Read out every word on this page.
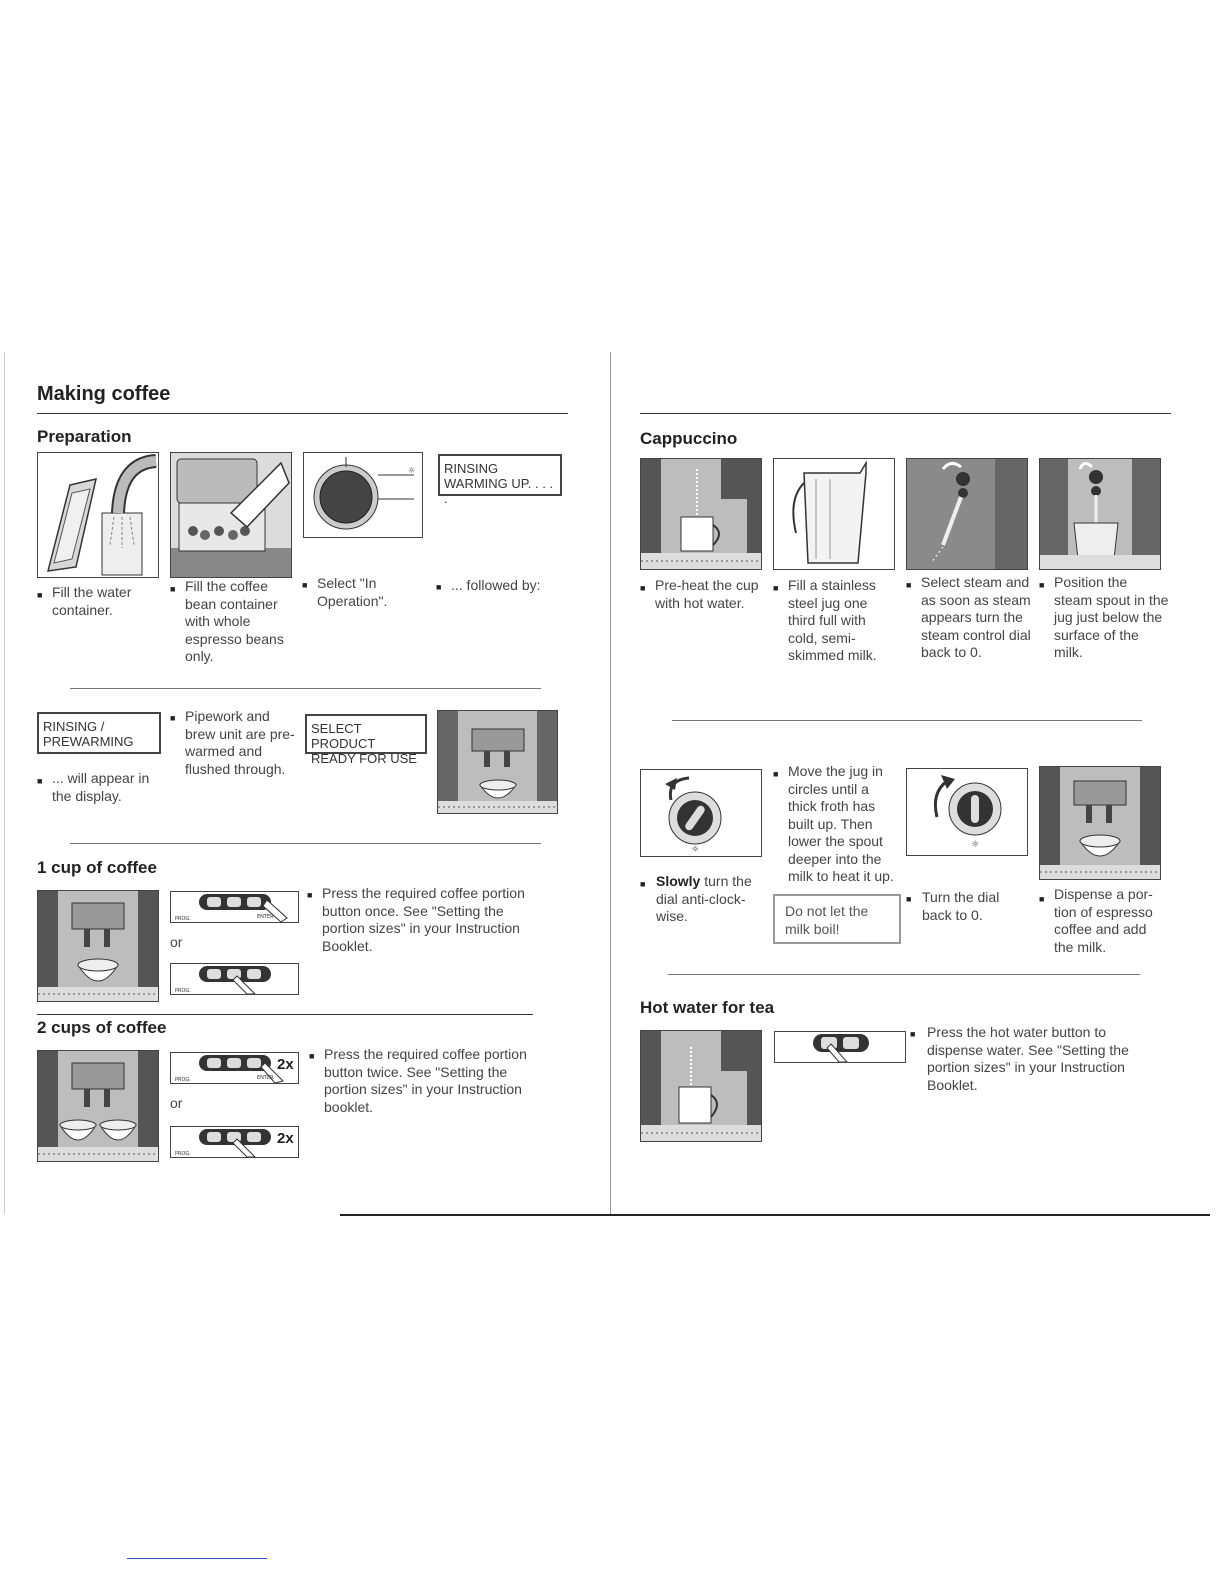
Making coffee
Preparation
☼ RINSING
WARMING UP. . . . .
■ Fill the water container.
■ Fill the coffee bean container with whole espresso beans only.
■ Select "In Operation".
■ ... followed by:
RINSING /
PREWARMING
■ ... will appear in the display.
■ Pipework and brew unit are pre-warmed and flushed through.
SELECT PRODUCT
READY FOR USE
1 cup of coffee
PROG.	ENTER
or
PROG.
■ Press the required coffee portion button once. See "Setting the portion sizes" in your Instruction Booklet.
2 cups of coffee
PROG.	ENTER
2x
or
PROG.
2x
■ Press the required coffee portion button twice. See "Setting the portion sizes" in your Instruction booklet.
Cappuccino
■ Pre-heat the cup with hot water.
■ Fill a stainless steel jug one third full with cold, semi-skimmed milk.
■ Select steam and as soon as steam appears turn the steam control dial back to 0.
■ Position the steam spout in the jug just below the surface of the milk.
☼
■ Slowly turn the dial anti-clock-wise.
■ Move the jug in circles until a thick froth has built up. Then lower the spout deeper into the milk to heat it up.
Do not let the milk boil!
☼
■ Turn the dial back to 0.
■ Dispense a por-tion of espresso coffee and add the milk.
Hot water for tea
■ Press the hot water button to dispense water. See "Setting the portion sizes" in your Instruction Booklet.
